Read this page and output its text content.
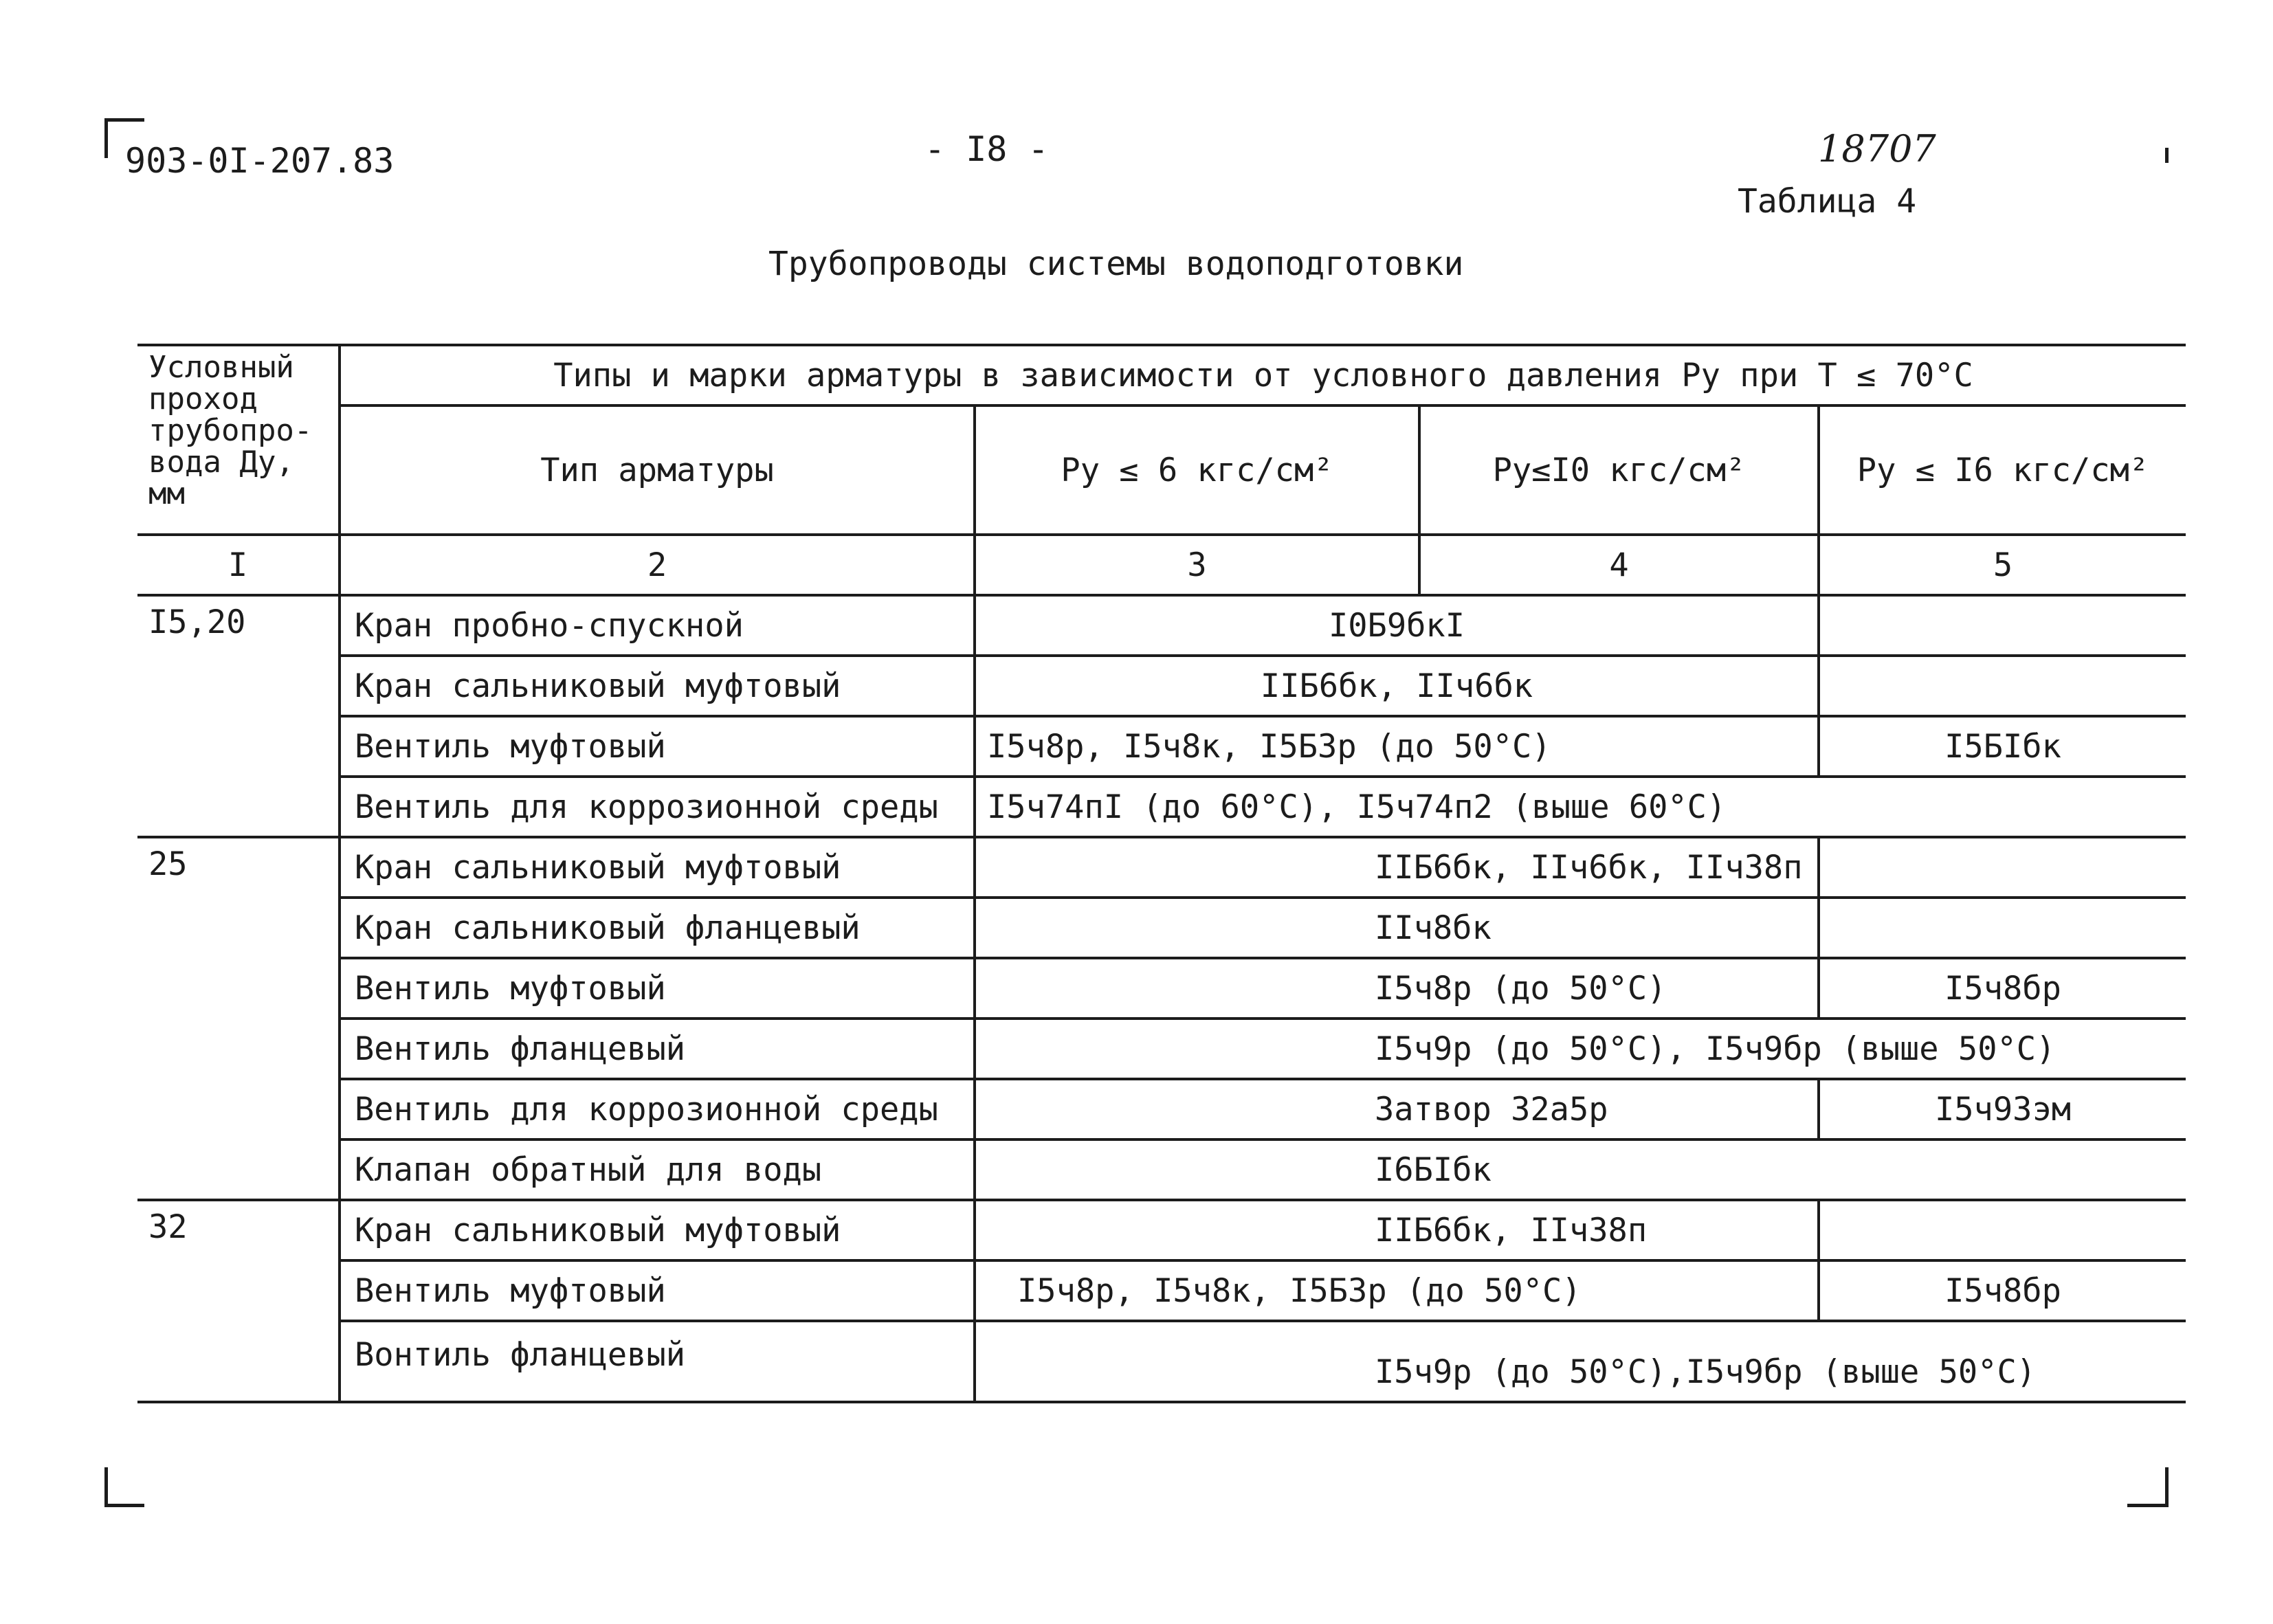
903-0I-207.83	- I8 -	18707
Таблица 4
Трубопроводы системы водоподготовки
Условный проход трубопро-вода Ду, мм	Типы и марки арматуры в зависимости от условного давления Ру при Т ≤ 70°С			
	Тип арматуры	Ру ≤ 6 кгс/см²	Ру≤I0 кгс/см²	Ру ≤ I6 кгс/см²
I	2	3	4	5
I5,20	Кран пробно-спускной	I0Б9бкI		
	Кран сальниковый муфтовый	IIБ6бк, IIч6бк		
	Вентиль муфтовый	I5ч8р, I5ч8к, I5Б3р (до 50°С)		I5БIбк
	Вентиль для коррозионной среды	I5ч74пI (до 60°С), I5ч74п2 (выше 60°С)		
25	Кран сальниковый муфтовый	IIБ6бк, IIч6бк, IIч38п		
	Кран сальниковый фланцевый	IIч8бк		
	Вентиль муфтовый	I5ч8р (до 50°С)		I5ч8бр
	Вентиль фланцевый	I5ч9р (до 50°С), I5ч9бр (выше 50°С)		
	Вентиль для коррозионной среды	Затвор 32а5р		I5ч93эм
	Клапан обратный для воды	I6БIбк		
32	Кран сальниковый муфтовый	IIБ6бк, IIч38п		
	Вентиль муфтовый	I5ч8р, I5ч8к, I5Б3р (до 50°С)		I5ч8бр
	Вонтиль фланцевый	I5ч9р (до 50°С),I5ч9бр (выше 50°С)		
